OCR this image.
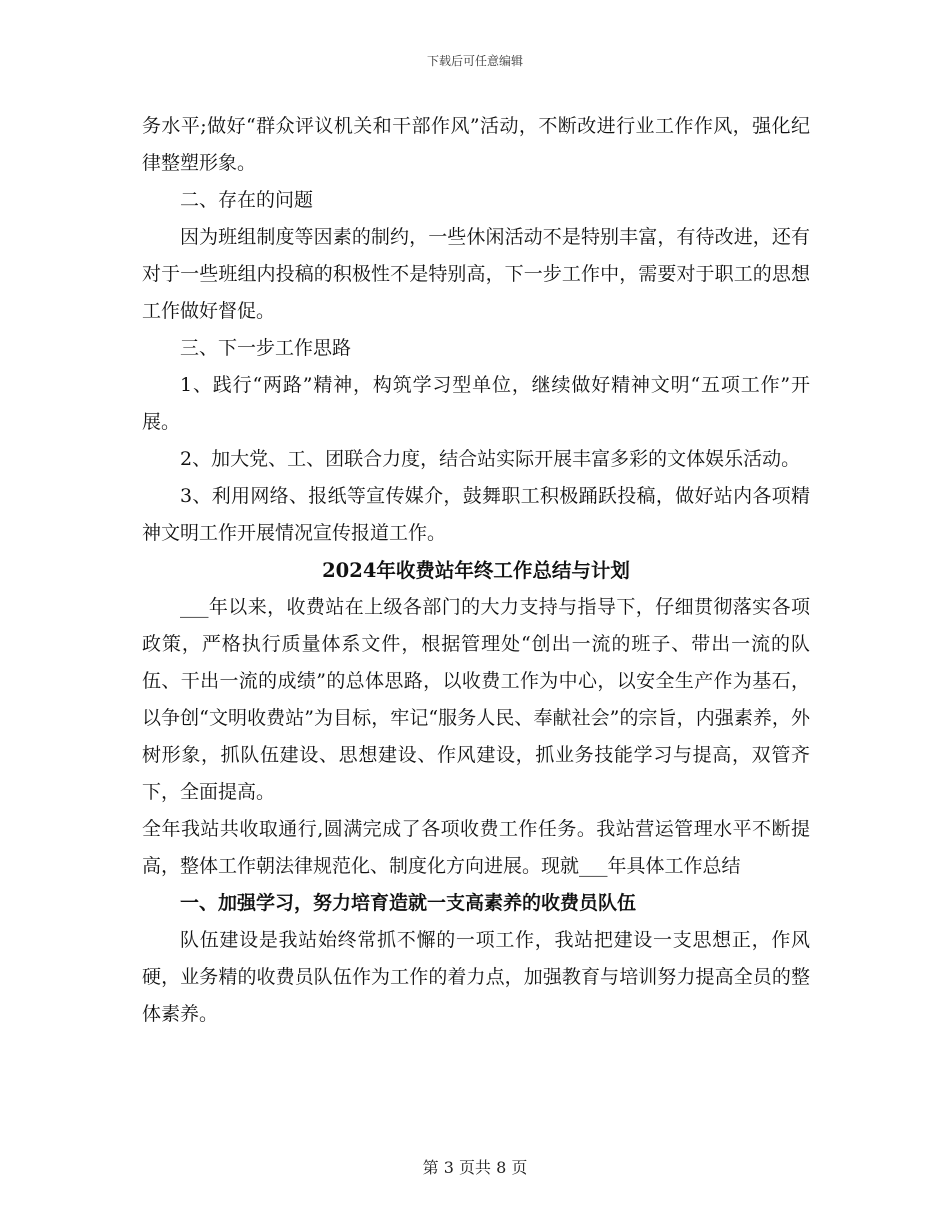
下载后可任意编辑

务水平;做好“群众评议机关和干部作风”活动，不断改进行业工作作风，强化纪律整塑形象。

二、存在的问题

因为班组制度等因素的制约，一些休闲活动不是特别丰富，有待改进，还有对于一些班组内投稿的积极性不是特别高，下一步工作中，需要对于职工的思想工作做好督促。

三、下一步工作思路

1、践行“两路”精神，构筑学习型单位，继续做好精神文明“五项工作”开展。

2、加大党、工、团联合力度，结合站实际开展丰富多彩的文体娱乐活动。

3、利用网络、报纸等宣传媒介，鼓舞职工积极踊跃投稿，做好站内各项精神文明工作开展情况宣传报道工作。

2024年收费站年终工作总结与计划

___年以来，收费站在上级各部门的大力支持与指导下，仔细贯彻落实各项政策，严格执行质量体系文件，根据管理处“创出一流的班子、带出一流的队伍、干出一流的成绩”的总体思路，以收费工作为中心，以安全生产作为基石，以争创“文明收费站”为目标，牢记“服务人民、奉献社会”的宗旨，内强素养，外树形象，抓队伍建设、思想建设、作风建设，抓业务技能学习与提高，双管齐下，全面提高。

全年我站共收取通行,圆满完成了各项收费工作任务。我站营运管理水平不断提高，整体工作朝法律规范化、制度化方向进展。现就___年具体工作总结

一、加强学习，努力培育造就一支高素养的收费员队伍

队伍建设是我站始终常抓不懈的一项工作，我站把建设一支思想正，作风硬，业务精的收费员队伍作为工作的着力点，加强教育与培训努力提高全员的整体素养。

第 3 页共 8 页
